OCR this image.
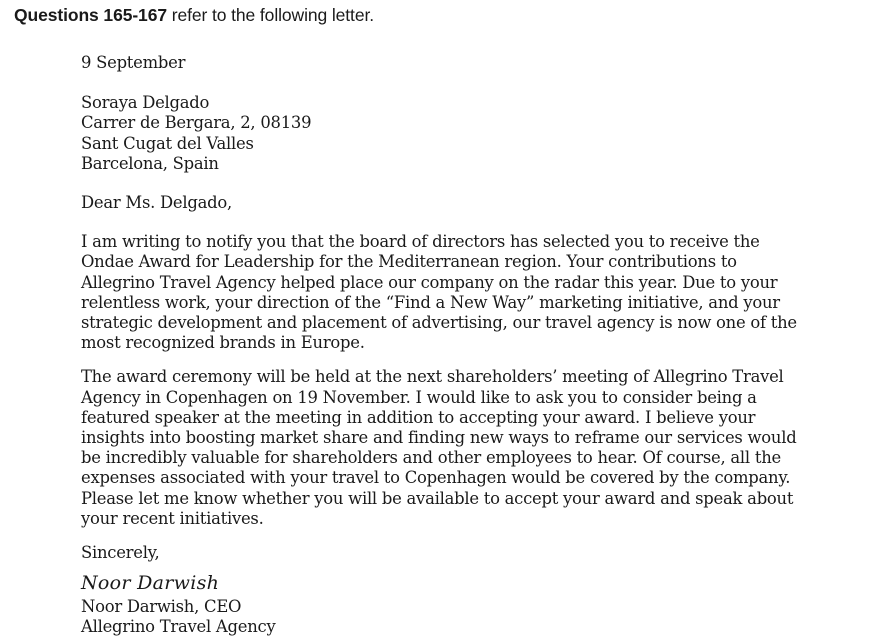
Questions 165-167 refer to the following letter.

9 September

Soraya Delgado
Carrer de Bergara, 2, 08139
Sant Cugat del Valles
Barcelona, Spain

Dear Ms. Delgado,

I am writing to notify you that the board of directors has selected you to receive the Ondae Award for Leadership for the Mediterranean region. Your contributions to Allegrino Travel Agency helped place our company on the radar this year. Due to your relentless work, your direction of the “Find a New Way” marketing initiative, and your strategic development and placement of advertising, our travel agency is now one of the most recognized brands in Europe.

The award ceremony will be held at the next shareholders’ meeting of Allegrino Travel Agency in Copenhagen on 19 November. I would like to ask you to consider being a featured speaker at the meeting in addition to accepting your award. I believe your insights into boosting market share and finding new ways to reframe our services would be incredibly valuable for shareholders and other employees to hear. Of course, all the expenses associated with your travel to Copenhagen would be covered by the company. Please let me know whether you will be available to accept your award and speak about your recent initiatives.

Sincerely,

Noor Darwish

Noor Darwish, CEO
Allegrino Travel Agency
